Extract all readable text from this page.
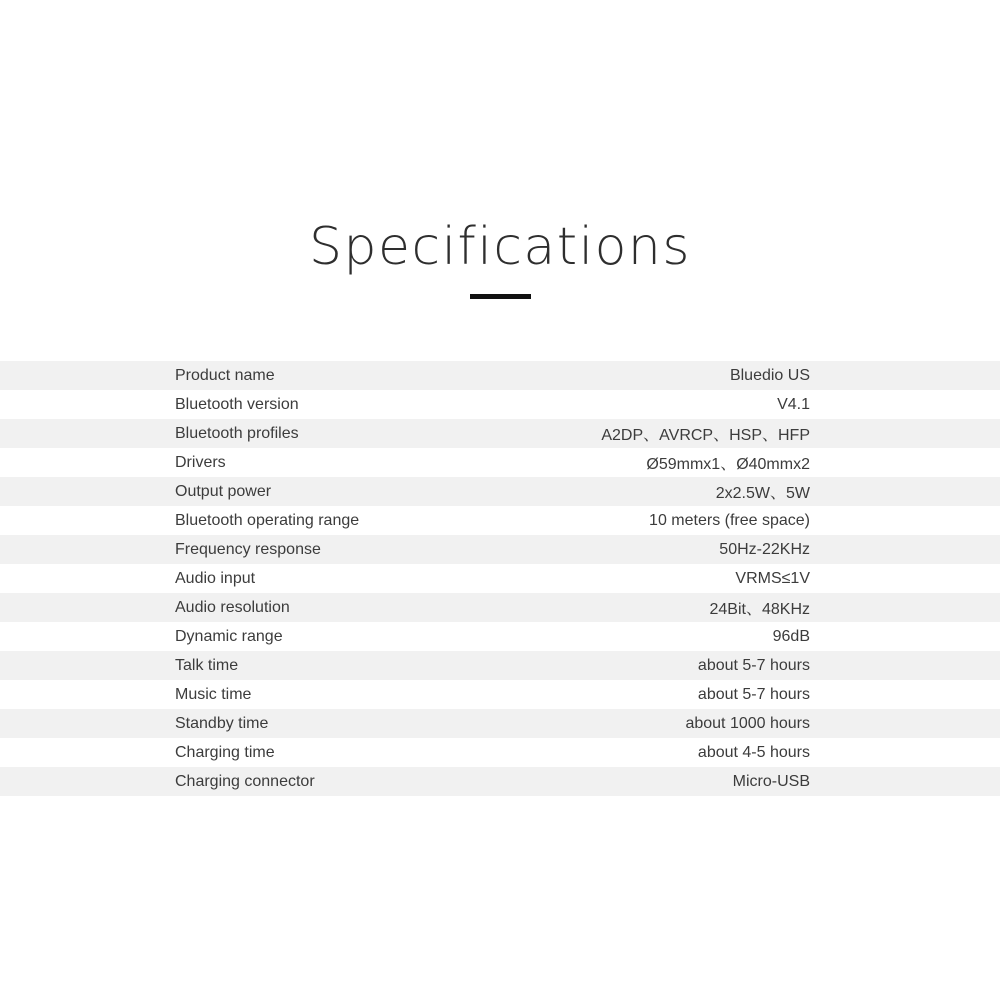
Specifications
Product name	Bluedio US
Bluetooth version	V4.1
Bluetooth profiles	A2DP、AVRCP、HSP、HFP
Drivers	Ø59mmx1、Ø40mmx2
Output power	2x2.5W、5W
Bluetooth operating range	10 meters (free space)
Frequency response	50Hz-22KHz
Audio input	VRMS≤1V
Audio resolution	24Bit、48KHz
Dynamic range	96dB
Talk time	about 5-7 hours
Music time	about 5-7 hours
Standby time	about 1000 hours
Charging time	about 4-5 hours
Charging connector	Micro-USB
